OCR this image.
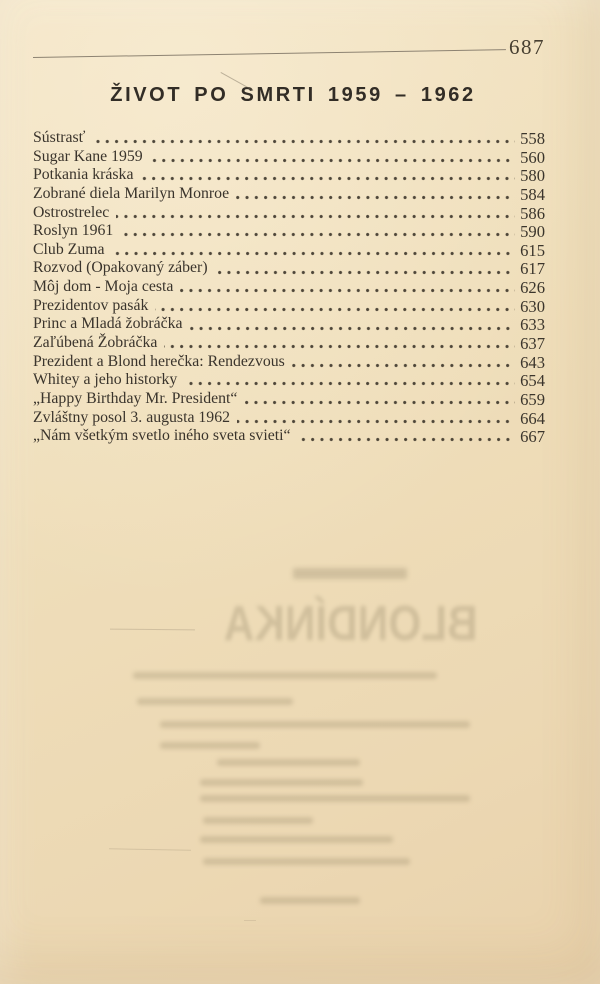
687
ŽIVOT PO SMRTI 1959 – 1962
Sústrasť	558
Sugar Kane 1959	560
Potkania kráska	580
Zobrané diela Marilyn Monroe	584
Ostrostrelec	586
Roslyn 1961	590
Club Zuma	615
Rozvod (Opakovaný záber)	617
Môj dom - Moja cesta	626
Prezidentov pasák	630
Princ a Mladá žobráčka	633
Zaľúbená Žobráčka	637
Prezident a Blond herečka: Rendezvous	643
Whitey a jeho historky	654
„Happy Birthday Mr. President“	659
Zvláštny posol 3. augusta 1962	664
„Nám všetkým svetlo iného sveta svieti“	667
BLONDÍNKA
